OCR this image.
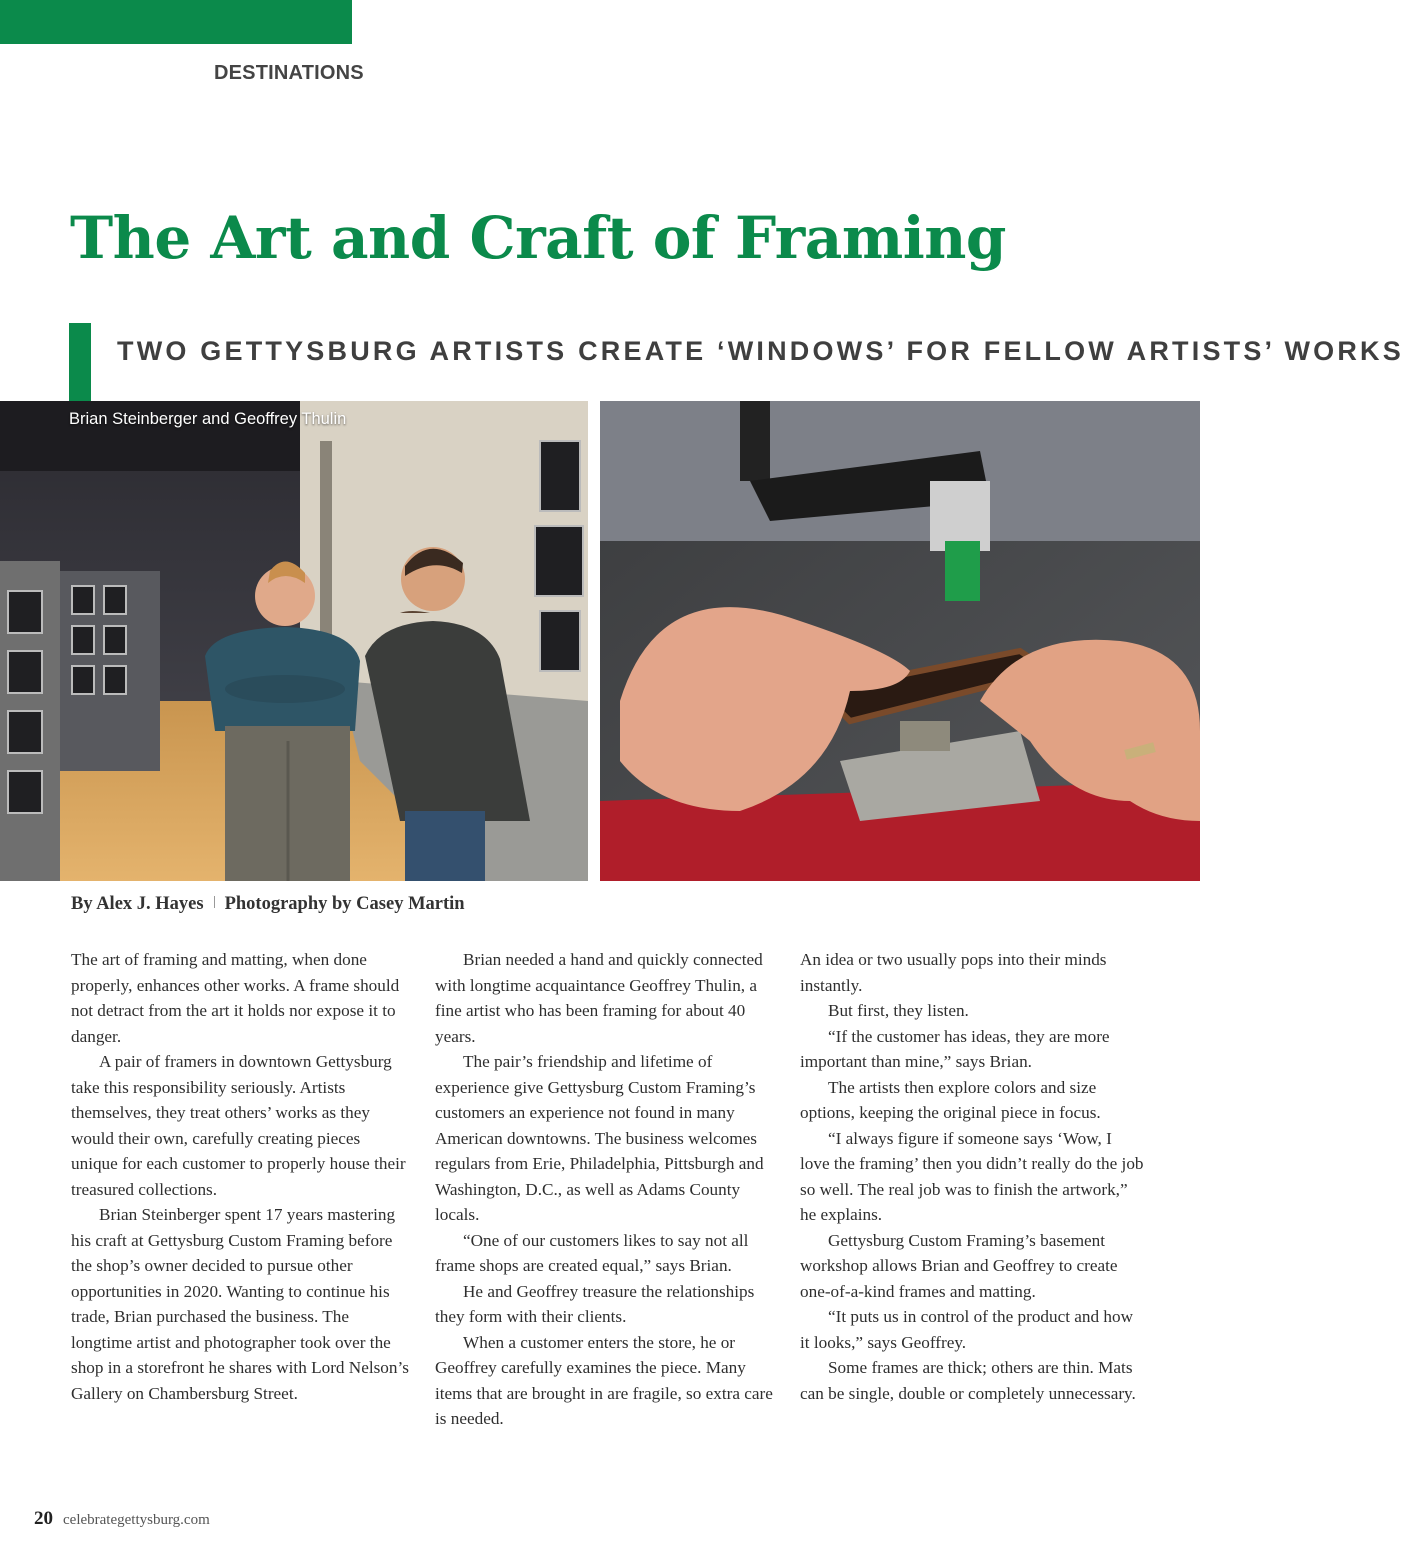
DESTINATIONS
The Art and Craft of Framing
TWO GETTYSBURG ARTISTS CREATE ‘WINDOWS’ FOR FELLOW ARTISTS’ WORKS
Brian Steinberger and Geoffrey Thulin
By Alex J. Hayes Photography by Casey Martin

The art of framing and matting, when done properly, enhances other works. A frame should not detract from the art it holds nor expose it to danger.

A pair of framers in downtown Gettysburg take this responsibility seriously. Artists themselves, they treat others’ works as they would their own, carefully creating pieces unique for each customer to properly house their treasured collections.

Brian Steinberger spent 17 years mastering his craft at Gettysburg Custom Framing before the shop’s owner decided to pursue other opportunities in 2020. Wanting to continue his trade, Brian purchased the business. The longtime artist and photographer took over the shop in a storefront he shares with Lord Nelson’s Gallery on Chambersburg Street.

Brian needed a hand and quickly connected with longtime acquaintance Geoffrey Thulin, a fine artist who has been framing for about 40 years.

The pair’s friendship and lifetime of experience give Gettysburg Custom Framing’s customers an experience not found in many American downtowns. The business welcomes regulars from Erie, Philadelphia, Pittsburgh and Washington, D.C., as well as Adams County locals.

“One of our customers likes to say not all frame shops are created equal,” says Brian.

He and Geoffrey treasure the relationships they form with their clients.

When a customer enters the store, he or Geoffrey carefully examines the piece. Many items that are brought in are fragile, so extra care is needed.

An idea or two usually pops into their minds instantly.

But first, they listen.

“If the customer has ideas, they are more important than mine,” says Brian.

The artists then explore colors and size options, keeping the original piece in focus.

“I always figure if someone says ‘Wow, I love the framing’ then you didn’t really do the job so well. The real job was to finish the artwork,” he explains.

Gettysburg Custom Framing’s basement workshop allows Brian and Geoffrey to create one-of-a-kind frames and matting.

“It puts us in control of the product and how it looks,” says Geoffrey.

Some frames are thick; others are thin. Mats can be single, double or completely unnecessary.

20 celebrategettysburg.com
